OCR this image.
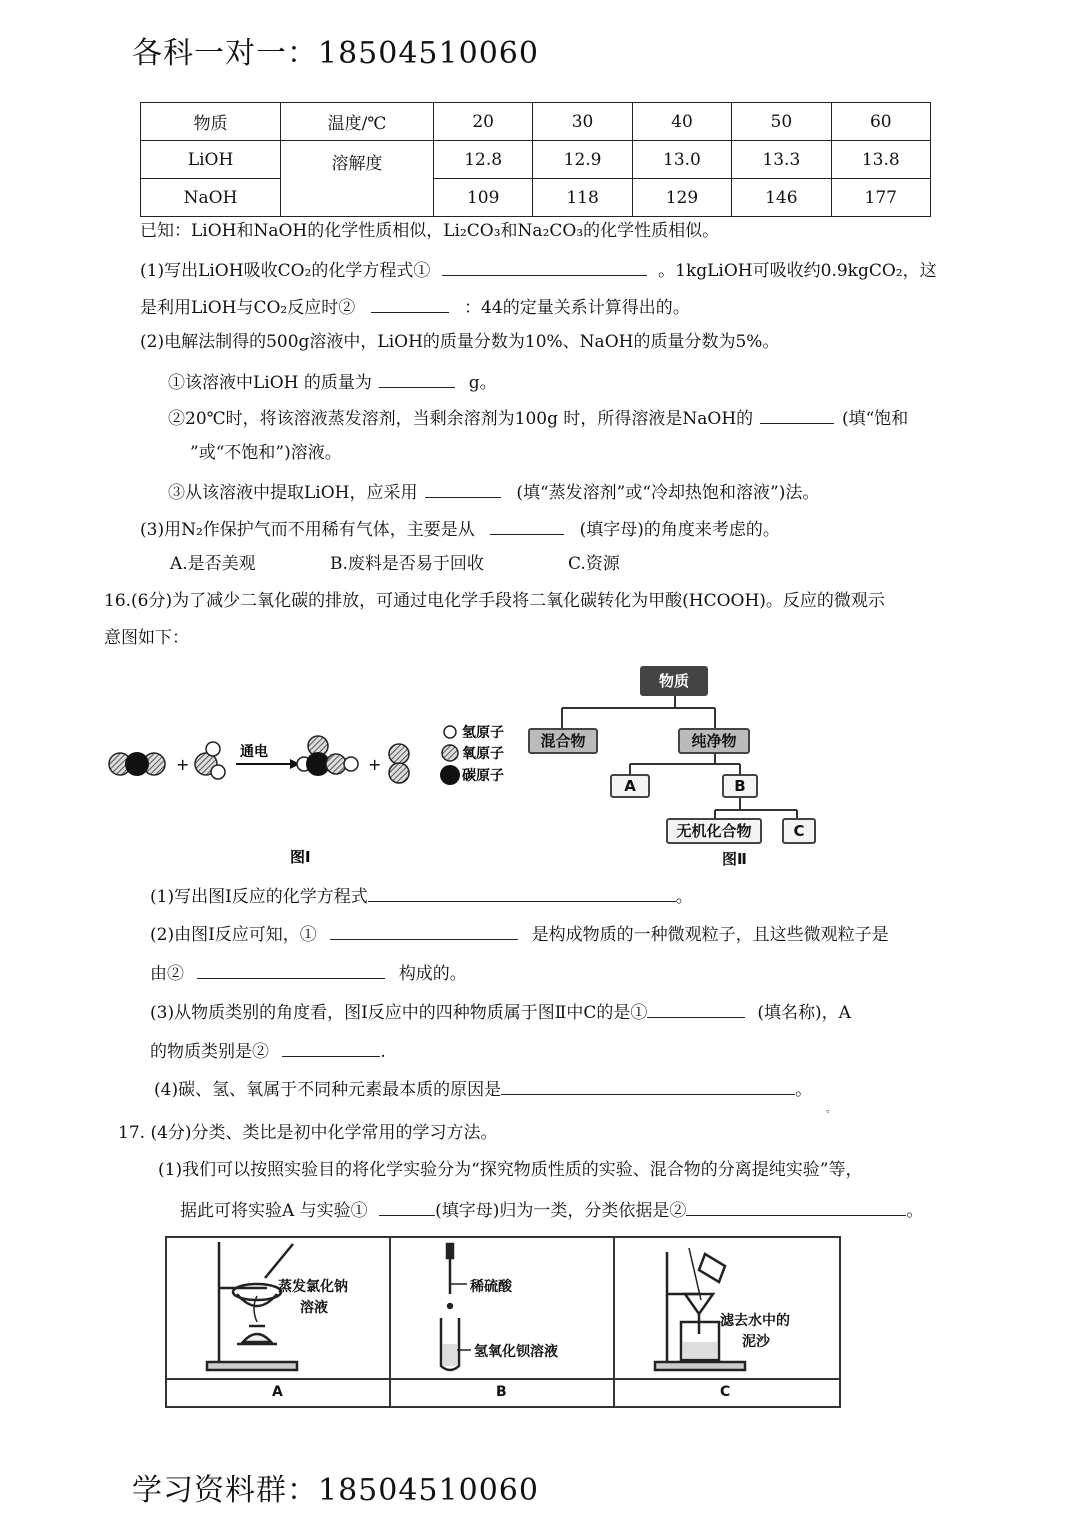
各科一对一：18504510060
物质	温度/℃	20	30	40	50	60
LiOH	溶解度	12.8	12.9	13.0	13.3	13.8
NaOH		109	118	129	146	177
已知：LiOH和NaOH的化学性质相似，Li₂CO₃和Na₂CO₃的化学性质相似。
(1)写出LiOH吸收CO₂的化学方程式①	。1kgLiOH可吸收约0.9kgCO₂，这
是利用LiOH与CO₂反应时②	：44的定量关系计算得出的。
(2)电解法制得的500g溶液中，LiOH的质量分数为10%、NaOH的质量分数为5%。
①该溶液中LiOH 的质量为	g。
②20℃时，将该溶液蒸发溶剂，当剩余溶剂为100g 时，所得溶液是NaOH的	(填“饱和
”或“不饱和”)溶液。
③从该溶液中提取LiOH，应采用	(填“蒸发溶剂”或“冷却热饱和溶液”)法。
(3)用N₂作保护气而不用稀有气体，主要是从	(填字母)的角度来考虑的。
A.是否美观	B.废料是否易于回收	C.资源
16.(6分)为了减少二氧化碳的排放，可通过电化学手段将二氧化碳转化为甲酸(HCOOH)。反应的微观示
意图如下：
+
通电
+
氢原子
氧原子
碳原子
图I
物质
混合物	纯净物
A	B
无机化合物	C
图Ⅱ
(1)写出图I反应的化学方程式	。
(2)由图I反应可知，①	是构成物质的一种微观粒子，且这些微观粒子是
由②	构成的。
(3)从物质类别的角度看，图I反应中的四种物质属于图Ⅱ中C的是①	(填名称)，A
的物质类别是②	.
(4)碳、氢、氧属于不同种元素最本质的原因是	。
。
17. (4分)分类、类比是初中化学常用的学习方法。
(1)我们可以按照实验目的将化学实验分为“探究物质性质的实验、混合物的分离提纯实验”等，
据此可将实验A 与实验①	(填字母)归为一类，分类依据是②	。
蒸发氯化钠
溶液
A
稀硫酸
氢氧化钡溶液
B
滤去水中的
泥沙
C
学习资料群：18504510060
